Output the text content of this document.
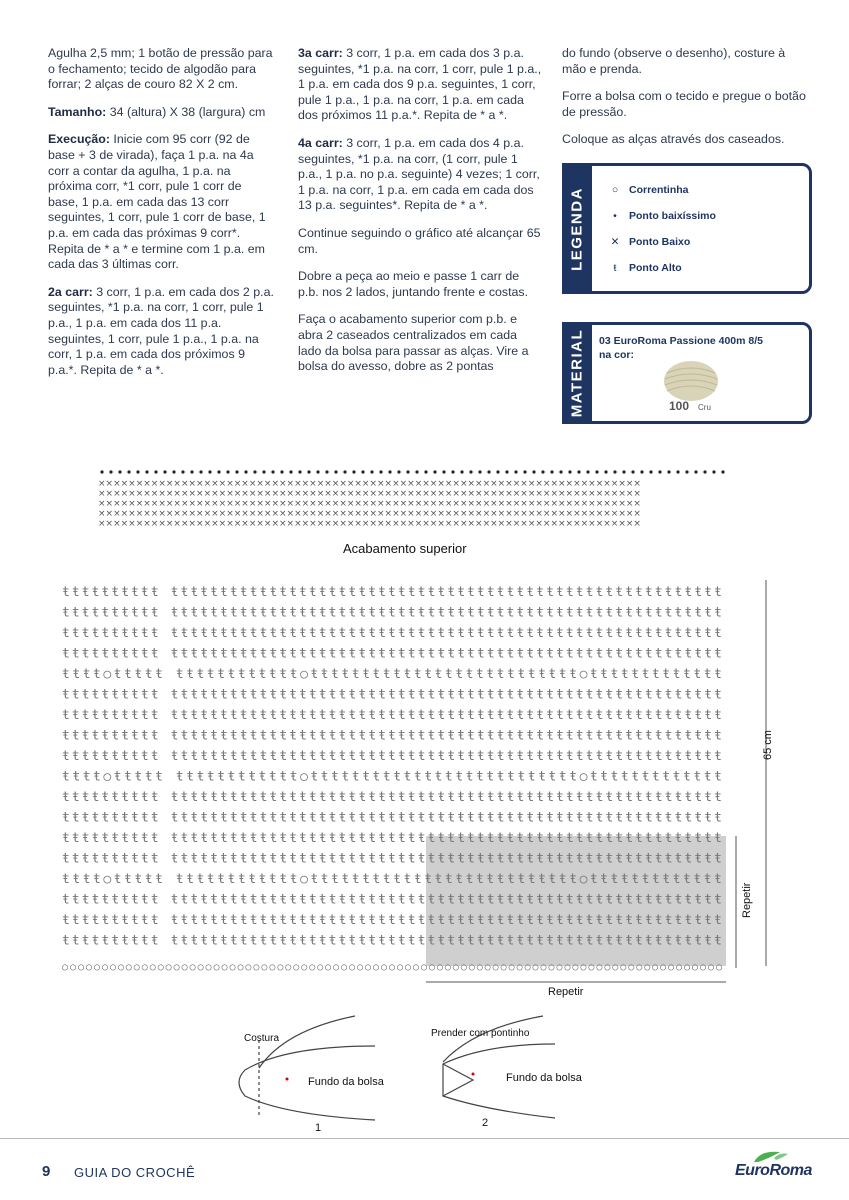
Agulha 2,5 mm; 1 botão de pressão para o fechamento; tecido de algodão para forrar; 2 alças de couro 82 X 2 cm.

Tamanho: 34 (altura) X 38 (largura) cm

Execução: Inicie com 95 corr (92 de base + 3 de virada), faça 1 p.a. na 4a corr a contar da agulha, 1 p.a. na próxima corr, *1 corr, pule 1 corr de base, 1 p.a. em cada das 13 corr seguintes, 1 corr, pule 1 corr de base, 1 p.a. em cada das próximas 9 corr*. Repita de * a * e termine com 1 p.a. em cada das 3 últimas corr.

2a carr: 3 corr, 1 p.a. em cada dos 2 p.a. seguintes, *1 p.a. na corr, 1 corr, pule 1 p.a., 1 p.a. em cada dos 11 p.a. seguintes, 1 corr, pule 1 p.a., 1 p.a. na corr, 1 p.a. em cada dos próximos 9 p.a.*. Repita de * a *.

3a carr: 3 corr, 1 p.a. em cada dos 3 p.a. seguintes, *1 p.a. na corr, 1 corr, pule 1 p.a., 1 p.a. em cada dos 9 p.a. seguintes, 1 corr, pule 1 p.a., 1 p.a. na corr, 1 p.a. em cada dos próximos 11 p.a.*. Repita de * a *.

4a carr: 3 corr, 1 p.a. em cada dos 4 p.a. seguintes, *1 p.a. na corr, (1 corr, pule 1 p.a., 1 p.a. no p.a. seguinte) 4 vezes; 1 corr, 1 p.a. na corr, 1 p.a. em cada em cada dos 13 p.a. seguintes*. Repita de * a *.

Continue seguindo o gráfico até alcançar 65 cm.

Dobre a peça ao meio e passe 1 carr de p.b. nos 2 lados, juntando frente e costas.

Faça o acabamento superior com p.b. e abra 2 caseados centralizados em cada lado da bolsa para passar as alças. Vire a bolsa do avesso, dobre as 2 pontas

do fundo (observe o desenho), costure à mão e prenda.

Forre a bolsa com o tecido e pregue o botão de pressão.

Coloque as alças através dos caseados.

LEGENDA	○ Correntinha
• Ponto baixíssimo
✕ Ponto Baixo
ŧ Ponto Alto
MATERIAL 03 EuroRoma Passione 400m 8/5
na cor:
100 Cru
××××××××××××××××××××××××××××××××××××××××××××××××××××××××××××××××××××××××
××××××××××××××××××××××××××××××××××××××××××××××××××××××××××××××××××××××××
××××××××××××××××××××××××××××××××××××××××××××××××××××××××××××××××××××××××
××××××××××××××××××××××××××××××××××××××××××××××××××××××××××××××××××××××××
××××××××××××××××××××××××××××××××××××××××××××××××××××××××××××××××××××××××
Acabamento superior
ŧŧŧŧŧŧŧŧŧŧ ŧŧŧŧŧŧŧŧŧŧŧŧŧŧŧŧŧŧŧŧŧŧŧŧŧŧŧŧŧŧŧŧŧŧŧŧŧŧŧŧŧŧŧŧŧŧŧŧŧŧŧŧŧŧŧŧ
ŧŧŧŧŧŧŧŧŧŧ ŧŧŧŧŧŧŧŧŧŧŧŧŧŧŧŧŧŧŧŧŧŧŧŧŧŧŧŧŧŧŧŧŧŧŧŧŧŧŧŧŧŧŧŧŧŧŧŧŧŧŧŧŧŧŧŧ
ŧŧŧŧŧŧŧŧŧŧ ŧŧŧŧŧŧŧŧŧŧŧŧŧŧŧŧŧŧŧŧŧŧŧŧŧŧŧŧŧŧŧŧŧŧŧŧŧŧŧŧŧŧŧŧŧŧŧŧŧŧŧŧŧŧŧŧ
ŧŧŧŧŧŧŧŧŧŧ ŧŧŧŧŧŧŧŧŧŧŧŧŧŧŧŧŧŧŧŧŧŧŧŧŧŧŧŧŧŧŧŧŧŧŧŧŧŧŧŧŧŧŧŧŧŧŧŧŧŧŧŧŧŧŧŧ
ŧŧŧŧ○ŧŧŧŧŧ ŧŧŧŧŧŧŧŧŧŧŧŧ○ŧŧŧŧŧŧŧŧŧŧŧŧŧŧŧŧŧŧŧŧŧŧŧŧŧŧ○ŧŧŧŧŧŧŧŧŧŧŧŧŧ
ŧŧŧŧŧŧŧŧŧŧ ŧŧŧŧŧŧŧŧŧŧŧŧŧŧŧŧŧŧŧŧŧŧŧŧŧŧŧŧŧŧŧŧŧŧŧŧŧŧŧŧŧŧŧŧŧŧŧŧŧŧŧŧŧŧŧŧ
ŧŧŧŧŧŧŧŧŧŧ ŧŧŧŧŧŧŧŧŧŧŧŧŧŧŧŧŧŧŧŧŧŧŧŧŧŧŧŧŧŧŧŧŧŧŧŧŧŧŧŧŧŧŧŧŧŧŧŧŧŧŧŧŧŧŧŧ
ŧŧŧŧŧŧŧŧŧŧ ŧŧŧŧŧŧŧŧŧŧŧŧŧŧŧŧŧŧŧŧŧŧŧŧŧŧŧŧŧŧŧŧŧŧŧŧŧŧŧŧŧŧŧŧŧŧŧŧŧŧŧŧŧŧŧŧ
ŧŧŧŧŧŧŧŧŧŧ ŧŧŧŧŧŧŧŧŧŧŧŧŧŧŧŧŧŧŧŧŧŧŧŧŧŧŧŧŧŧŧŧŧŧŧŧŧŧŧŧŧŧŧŧŧŧŧŧŧŧŧŧŧŧŧŧ
ŧŧŧŧ○ŧŧŧŧŧ ŧŧŧŧŧŧŧŧŧŧŧŧ○ŧŧŧŧŧŧŧŧŧŧŧŧŧŧŧŧŧŧŧŧŧŧŧŧŧŧ○ŧŧŧŧŧŧŧŧŧŧŧŧŧ
ŧŧŧŧŧŧŧŧŧŧ ŧŧŧŧŧŧŧŧŧŧŧŧŧŧŧŧŧŧŧŧŧŧŧŧŧŧŧŧŧŧŧŧŧŧŧŧŧŧŧŧŧŧŧŧŧŧŧŧŧŧŧŧŧŧŧŧ
ŧŧŧŧŧŧŧŧŧŧ ŧŧŧŧŧŧŧŧŧŧŧŧŧŧŧŧŧŧŧŧŧŧŧŧŧŧŧŧŧŧŧŧŧŧŧŧŧŧŧŧŧŧŧŧŧŧŧŧŧŧŧŧŧŧŧŧ
ŧŧŧŧŧŧŧŧŧŧ ŧŧŧŧŧŧŧŧŧŧŧŧŧŧŧŧŧŧŧŧŧŧŧŧŧŧŧŧŧŧŧŧŧŧŧŧŧŧŧŧŧŧŧŧŧŧŧŧŧŧŧŧŧŧŧŧ
ŧŧŧŧŧŧŧŧŧŧ ŧŧŧŧŧŧŧŧŧŧŧŧŧŧŧŧŧŧŧŧŧŧŧŧŧŧŧŧŧŧŧŧŧŧŧŧŧŧŧŧŧŧŧŧŧŧŧŧŧŧŧŧŧŧŧŧ
ŧŧŧŧ○ŧŧŧŧŧ ŧŧŧŧŧŧŧŧŧŧŧŧ○ŧŧŧŧŧŧŧŧŧŧŧŧŧŧŧŧŧŧŧŧŧŧŧŧŧŧ○ŧŧŧŧŧŧŧŧŧŧŧŧŧ
ŧŧŧŧŧŧŧŧŧŧ ŧŧŧŧŧŧŧŧŧŧŧŧŧŧŧŧŧŧŧŧŧŧŧŧŧŧŧŧŧŧŧŧŧŧŧŧŧŧŧŧŧŧŧŧŧŧŧŧŧŧŧŧŧŧŧŧ
ŧŧŧŧŧŧŧŧŧŧ ŧŧŧŧŧŧŧŧŧŧŧŧŧŧŧŧŧŧŧŧŧŧŧŧŧŧŧŧŧŧŧŧŧŧŧŧŧŧŧŧŧŧŧŧŧŧŧŧŧŧŧŧŧŧŧŧ
ŧŧŧŧŧŧŧŧŧŧ ŧŧŧŧŧŧŧŧŧŧŧŧŧŧŧŧŧŧŧŧŧŧŧŧŧŧŧŧŧŧŧŧŧŧŧŧŧŧŧŧŧŧŧŧŧŧŧŧŧŧŧŧŧŧŧŧ
○○○○○○○○○○○○○○○○○○○○○○○○○○○○○○○○○○○○○○○○○○○○○○○○○○○○○○○○○○○○○○○○○○○○○○○○○○○○○○○○○○○
65 cm
Repetir
Repetir
Costura
Fundo da bolsa
1
Prender com pontinho
Fundo da bolsa
2
9 GUIA DO CROCHÊ	EuroRoma
